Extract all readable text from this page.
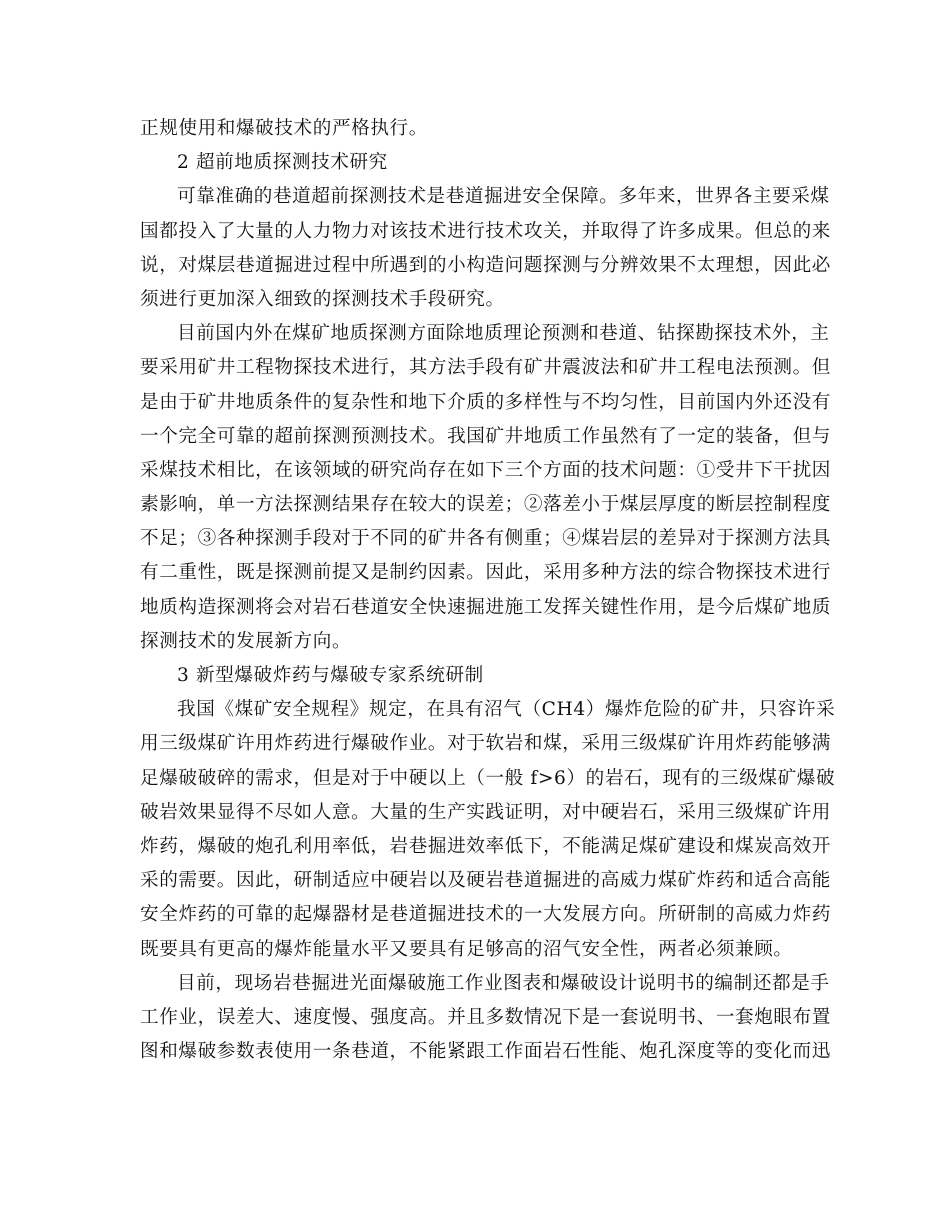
正规使用和爆破技术的严格执行。
2 超前地质探测技术研究
可靠准确的巷道超前探测技术是巷道掘进安全保障。多年来，世界各主要采煤
国都投入了大量的人力物力对该技术进行技术攻关，并取得了许多成果。但总的来
说，对煤层巷道掘进过程中所遇到的小构造问题探测与分辨效果不太理想，因此必
须进行更加深入细致的探测技术手段研究。
目前国内外在煤矿地质探测方面除地质理论预测和巷道、钻探勘探技术外，主
要采用矿井工程物探技术进行，其方法手段有矿井震波法和矿井工程电法预测。但
是由于矿井地质条件的复杂性和地下介质的多样性与不均匀性，目前国内外还没有
一个完全可靠的超前探测预测技术。我国矿井地质工作虽然有了一定的装备，但与
采煤技术相比，在该领域的研究尚存在如下三个方面的技术问题：①受井下干扰因
素影响，单一方法探测结果存在较大的误差；②落差小于煤层厚度的断层控制程度
不足；③各种探测手段对于不同的矿井各有侧重；④煤岩层的差异对于探测方法具
有二重性，既是探测前提又是制约因素。因此，采用多种方法的综合物探技术进行
地质构造探测将会对岩石巷道安全快速掘进施工发挥关键性作用，是今后煤矿地质
探测技术的发展新方向。
3 新型爆破炸药与爆破专家系统研制
我国《煤矿安全规程》规定，在具有沼气（CH4）爆炸危险的矿井，只容许采
用三级煤矿许用炸药进行爆破作业。对于软岩和煤，采用三级煤矿许用炸药能够满
足爆破破碎的需求，但是对于中硬以上（一般 f>6）的岩石，现有的三级煤矿爆破
破岩效果显得不尽如人意。大量的生产实践证明，对中硬岩石，采用三级煤矿许用
炸药，爆破的炮孔利用率低，岩巷掘进效率低下，不能满足煤矿建设和煤炭高效开
采的需要。因此，研制适应中硬岩以及硬岩巷道掘进的高威力煤矿炸药和适合高能
安全炸药的可靠的起爆器材是巷道掘进技术的一大发展方向。所研制的高威力炸药
既要具有更高的爆炸能量水平又要具有足够高的沼气安全性，两者必须兼顾。
目前，现场岩巷掘进光面爆破施工作业图表和爆破设计说明书的编制还都是手
工作业，误差大、速度慢、强度高。并且多数情况下是一套说明书、一套炮眼布置
图和爆破参数表使用一条巷道，不能紧跟工作面岩石性能、炮孔深度等的变化而迅
